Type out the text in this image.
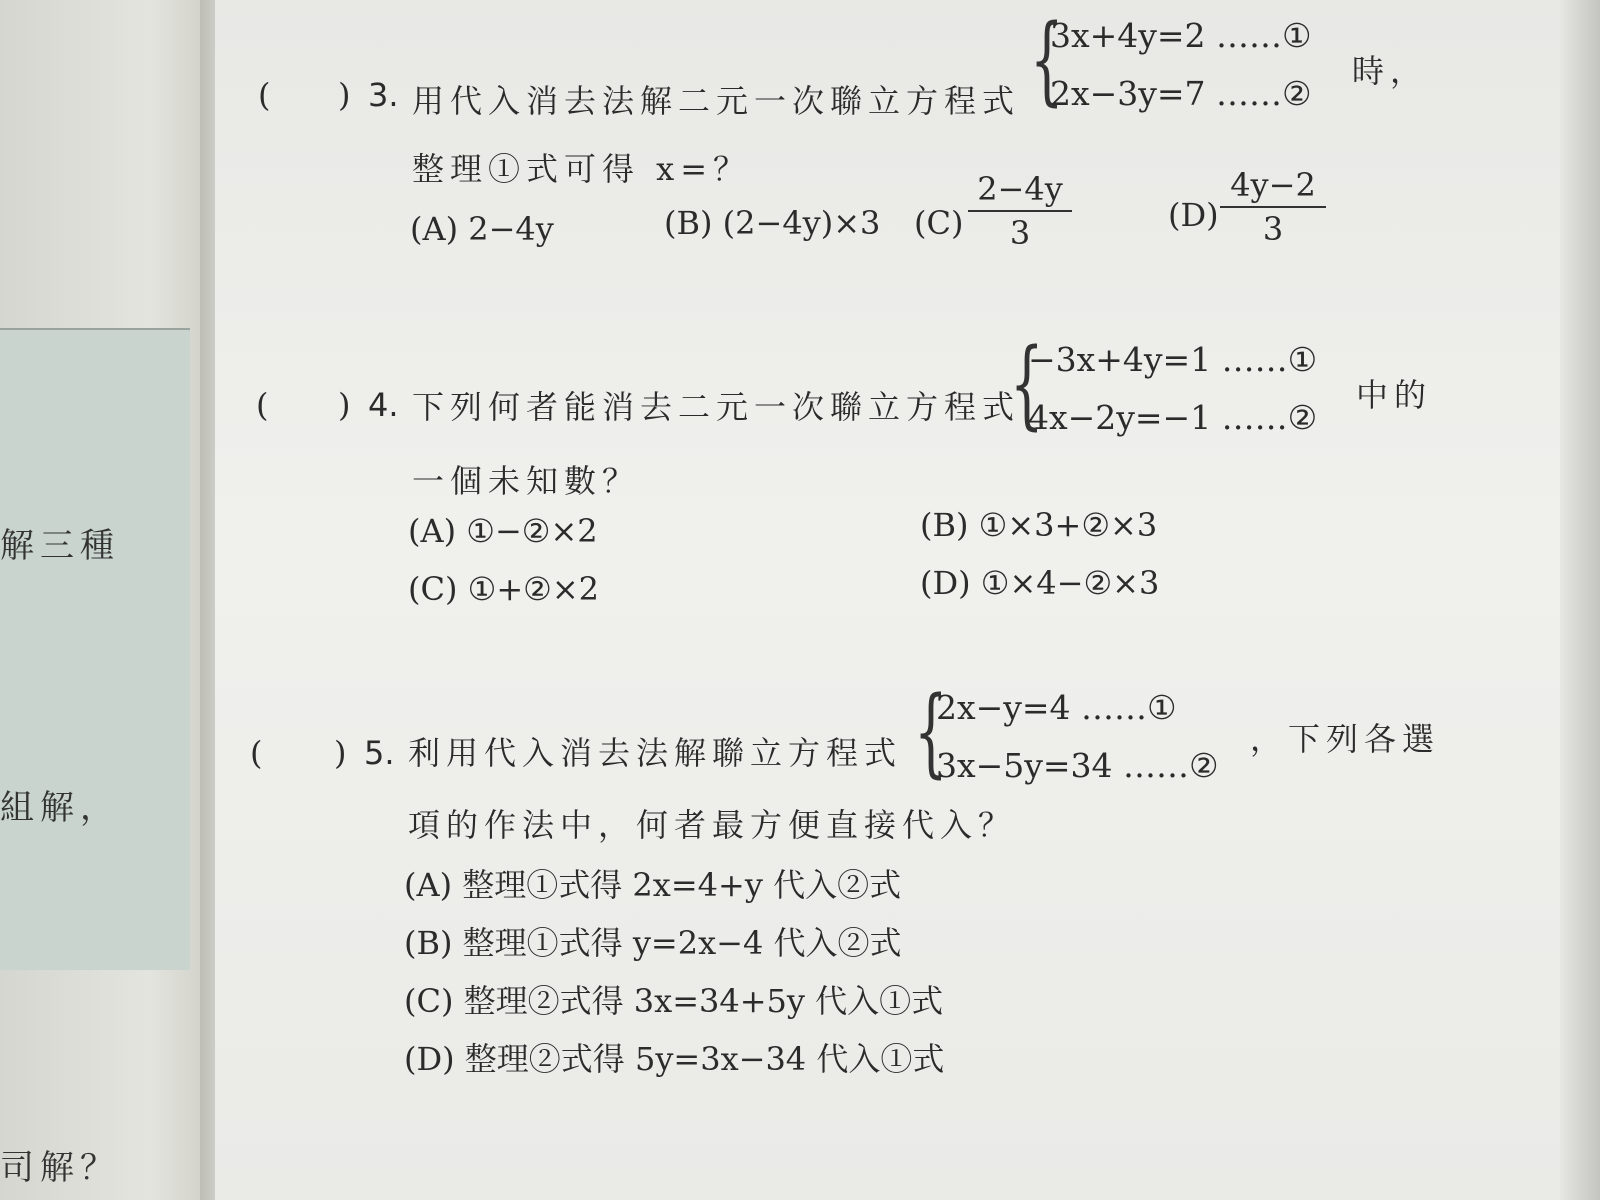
解三種
組解，
司解？
( ) 3. 用代入消去法解二元一次聯立方程式 {
3x+4y=2 ……①
2x−3y=7 ……②
時，
整理①式可得 x=？
(A) 2−4y	(B) (2−4y)×3 $(C) \frac{2-4y}{3}$	$(D) \frac{4y-2}{3}$
( ) 4. 下列何者能消去二元一次聯立方程式
{
−3x+4y=1 ……①
4x−2y=−1 ……②
中的
一個未知數？
(A) ①−②×2	(B) ①×3+②×3
(C) ①+②×2	(D) ①×4−②×3
( ) 5. 利用代入消去法解聯立方程式 {
2x−y=4 ……①
3x−5y=34 ……②
，下列各選
項的作法中，何者最方便直接代入？
(A) 整理①式得 2x=4+y 代入②式
(B) 整理①式得 y=2x−4 代入②式
(C) 整理②式得 3x=34+5y 代入①式
(D) 整理②式得 5y=3x−34 代入①式
